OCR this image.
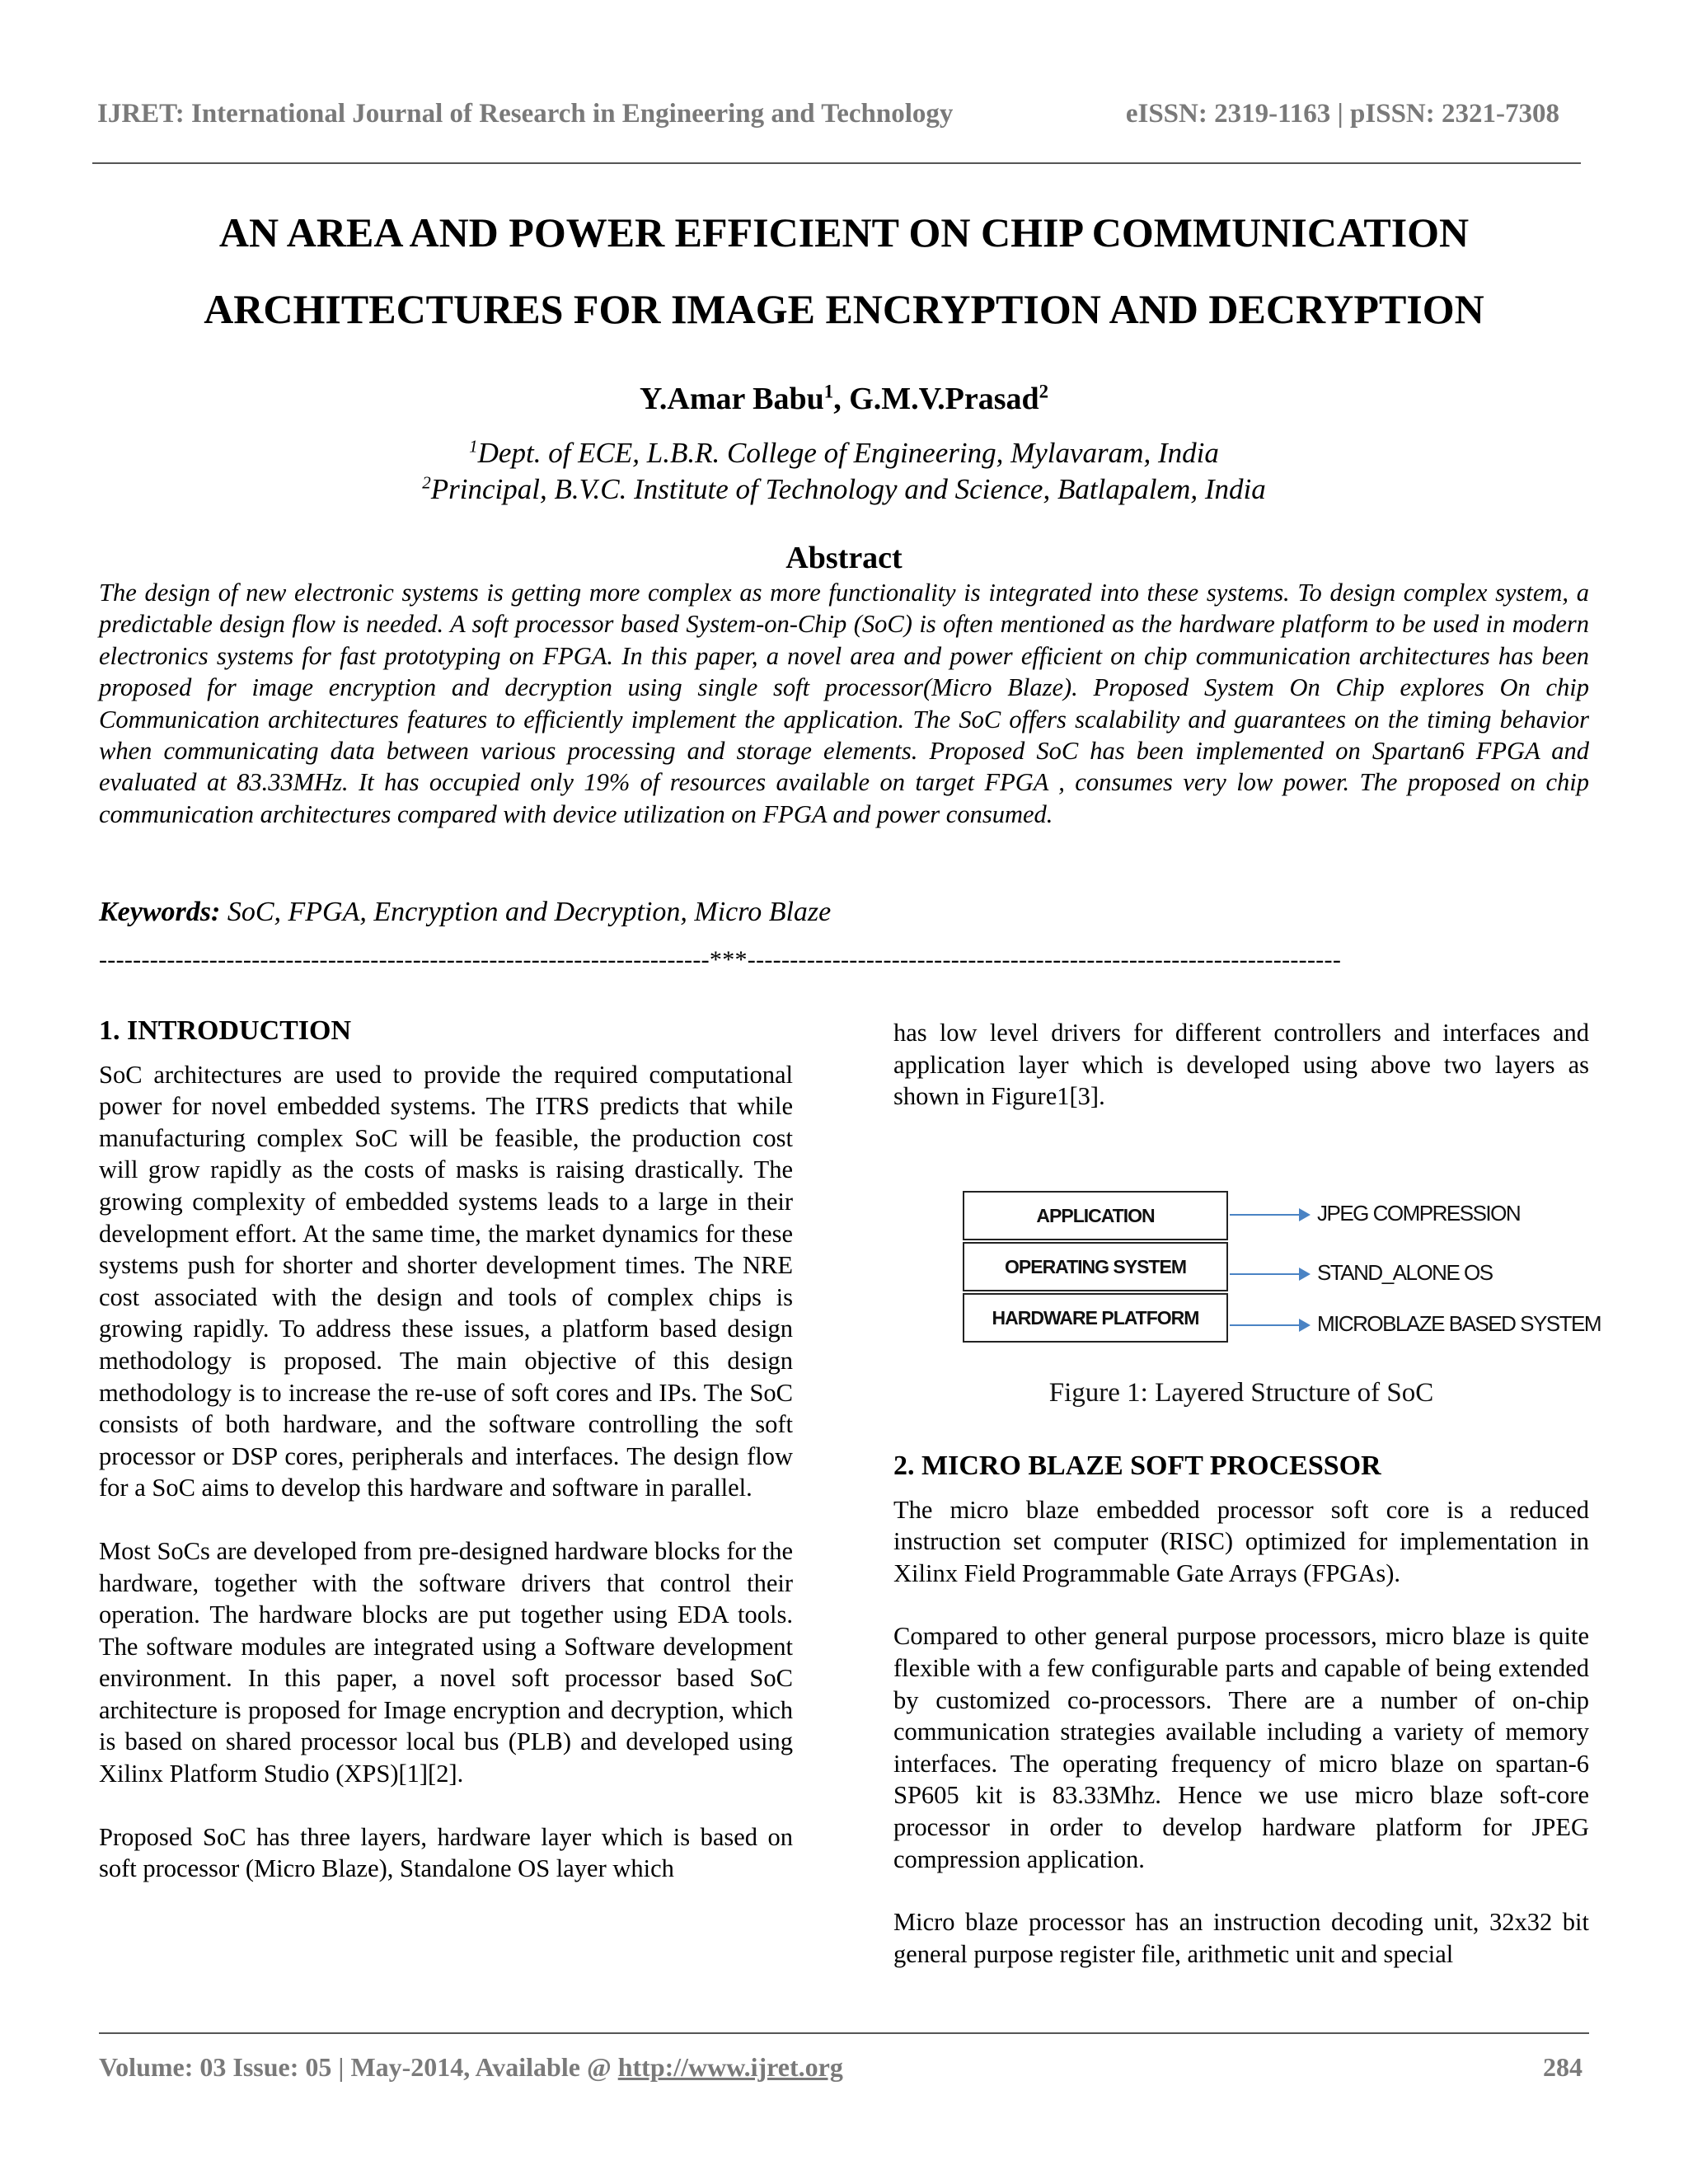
IJRET: International Journal of Research in Engineering and Technology	eISSN: 2319-1163 | pISSN: 2321-7308
AN AREA AND POWER EFFICIENT ON CHIP COMMUNICATION
ARCHITECTURES FOR IMAGE ENCRYPTION AND DECRYPTION
Y.Amar Babu$^1$, G.M.V.Prasad$^2$
$^1$Dept. of ECE, L.B.R. College of Engineering, Mylavaram, India
$^2$Principal, B.V.C. Institute of Technology and Science, Batlapalem, India
Abstract
The design of new electronic systems is getting more complex as more functionality is integrated into these systems. To design complex system, a predictable design flow is needed. A soft processor based System-on-Chip (SoC) is often mentioned as the hardware platform to be used in modern electronics systems for fast prototyping on FPGA. In this paper, a novel area and power efficient on chip communication architectures has been proposed for image encryption and decryption using single soft processor(Micro Blaze). Proposed System On Chip explores On chip Communication architectures features to efficiently implement the application. The SoC offers scalability and guarantees on the timing behavior when communicating data between various processing and storage elements. Proposed SoC has been implemented on Spartan6 FPGA and evaluated at 83.33MHz. It has occupied only 19% of resources available on target FPGA , consumes very low power. The proposed on chip communication architectures compared with device utilization on FPGA and power consumed.
Keywords: SoC, FPGA, Encryption and Decryption, Micro Blaze
------------------------------------------------------------------------***----------------------------------------------------------------------
1. INTRODUCTION

SoC architectures are used to provide the required computational power for novel embedded systems. The ITRS predicts that while manufacturing complex SoC will be feasible, the production cost will grow rapidly as the costs of masks is raising drastically. The growing complexity of embedded systems leads to a large in their development effort. At the same time, the market dynamics for these systems push for shorter and shorter development times. The NRE cost associated with the design and tools of complex chips is growing rapidly. To address these issues, a platform based design methodology is proposed. The main objective of this design methodology is to increase the re-use of soft cores and IPs. The SoC consists of both hardware, and the software controlling the soft processor or DSP cores, peripherals and interfaces. The design flow for a SoC aims to develop this hardware and software in parallel.

Most SoCs are developed from pre-designed hardware blocks for the hardware, together with the software drivers that control their operation. The hardware blocks are put together using EDA tools. The software modules are integrated using a Software development environment. In this paper, a novel soft processor based SoC architecture is proposed for Image encryption and decryption, which is based on shared processor local bus (PLB) and developed using Xilinx Platform Studio (XPS)[1][2].

Proposed SoC has three layers, hardware layer which is based on soft processor (Micro Blaze), Standalone OS layer which

has low level drivers for different controllers and interfaces and application layer which is developed using above two layers as shown in Figure1[3].

APPLICATION
OPERATING SYSTEM
HARDWARE PLATFORM
JPEG COMPRESSION
STAND_ALONE OS
MICROBLAZE BASED SYSTEM
Figure 1: Layered Structure of SoC
2. MICRO BLAZE SOFT PROCESSOR

The micro blaze embedded processor soft core is a reduced instruction set computer (RISC) optimized for implementation in Xilinx Field Programmable Gate Arrays (FPGAs).

Compared to other general purpose processors, micro blaze is quite flexible with a few configurable parts and capable of being extended by customized co-processors. There are a number of on-chip communication strategies available including a variety of memory interfaces. The operating frequency of micro blaze on spartan-6 SP605 kit is 83.33Mhz. Hence we use micro blaze soft-core processor in order to develop hardware platform for JPEG compression application.

Micro blaze processor has an instruction decoding unit, 32x32 bit general purpose register file, arithmetic unit and special

Volume: 03 Issue: 05 | May-2014, Available @ http://www.ijret.org	284
